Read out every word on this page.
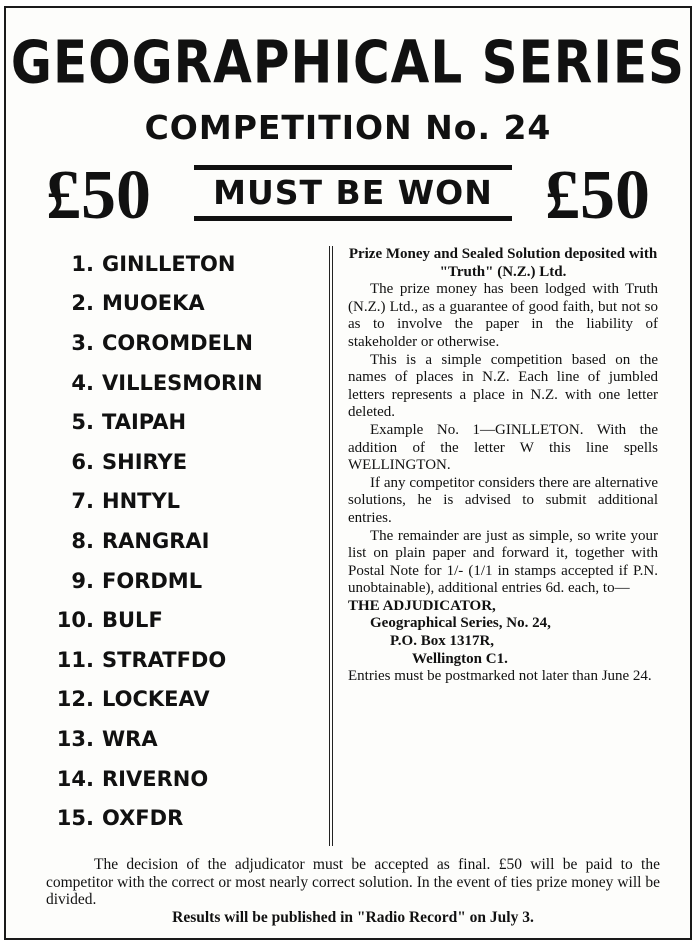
GEOGRAPHICAL SERIES
COMPETITION No. 24
£50	MUST BE WON £50
1. GINLLETON
2. MUOEKA
3. COROMDELN
4. VILLESMORIN
5. TAIPAH
6. SHIRYE
7. HNTYL
8. RANGRAI
9. FORDML
10. BULF
11. STRATFDO
12. LOCKEAV
13. WRA
14. RIVERNO
15. OXFDR

Prize Money and Sealed Solution deposited with "Truth" (N.Z.) Ltd.

The prize money has been lodged with Truth (N.Z.) Ltd., as a guarantee of good faith, but not so as to involve the paper in the liability of stakeholder or otherwise.

This is a simple competition based on the names of places in N.Z. Each line of jumbled letters represents a place in N.Z. with one letter deleted.

Example No. 1—GINLLETON. With the addition of the letter W this line spells WELLINGTON.

If any competitor considers there are alternative solutions, he is advised to submit additional entries.

The remainder are just as simple, so write your list on plain paper and forward it, together with Postal Note for 1/- (1/1 in stamps accepted if P.N. unobtainable), additional entries 6d. each, to—

THE ADJUDICATOR,
Geographical Series, No. 24,
P.O. Box 1317R,
Wellington C1.

Entries must be postmarked not later than June 24.

The decision of the adjudicator must be accepted as final. £50 will be paid to the competitor with the correct or most nearly correct solution. In the event of ties prize money will be divided.

Results will be published in "Radio Record" on July 3.
